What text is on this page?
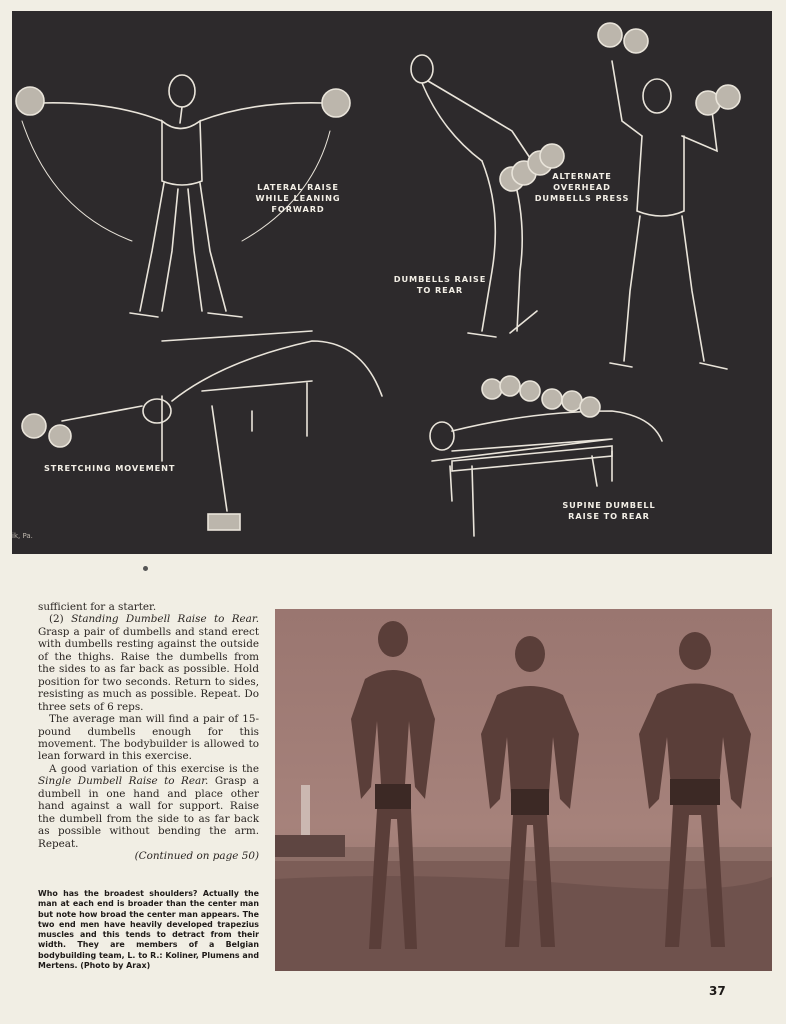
LATERAL RAISE
WHILE LEANING
FORWARD
ALTERNATE
OVERHEAD
DUMBELLS PRESS
DUMBELLS RAISE
TO REAR
STRETCHING MOVEMENT
SUPINE DUMBELL
RAISE TO REAR
ik, Pa.

sufficient for a starter.

(2) Standing Dumbell Raise to Rear. Grasp a pair of dumbells and stand erect with dumbells resting against the outside of the thighs. Raise the dumbells from the sides to as far back as possible. Hold position for two seconds. Return to sides, resisting as much as possible. Repeat. Do three sets of 6 reps.

The average man will find a pair of 15-pound dumbells enough for this movement. The bodybuilder is allowed to lean forward in this exercise.

A good variation of this exercise is the Single Dumbell Raise to Rear. Grasp a dumbell in one hand and place other hand against a wall for support. Raise the dumbell from the side to as far back as possible without bending the arm. Repeat.

(Continued on page 50)

Who has the broadest shoulders? Actually the man at each end is broader than the center man but note how broad the center man appears. The two end men have heavily developed trapezius muscles and this tends to detract from their width. They are members of a Belgian bodybuilding team, L. to R.: Koliner, Plumens and Mertens. (Photo by Arax)
37
